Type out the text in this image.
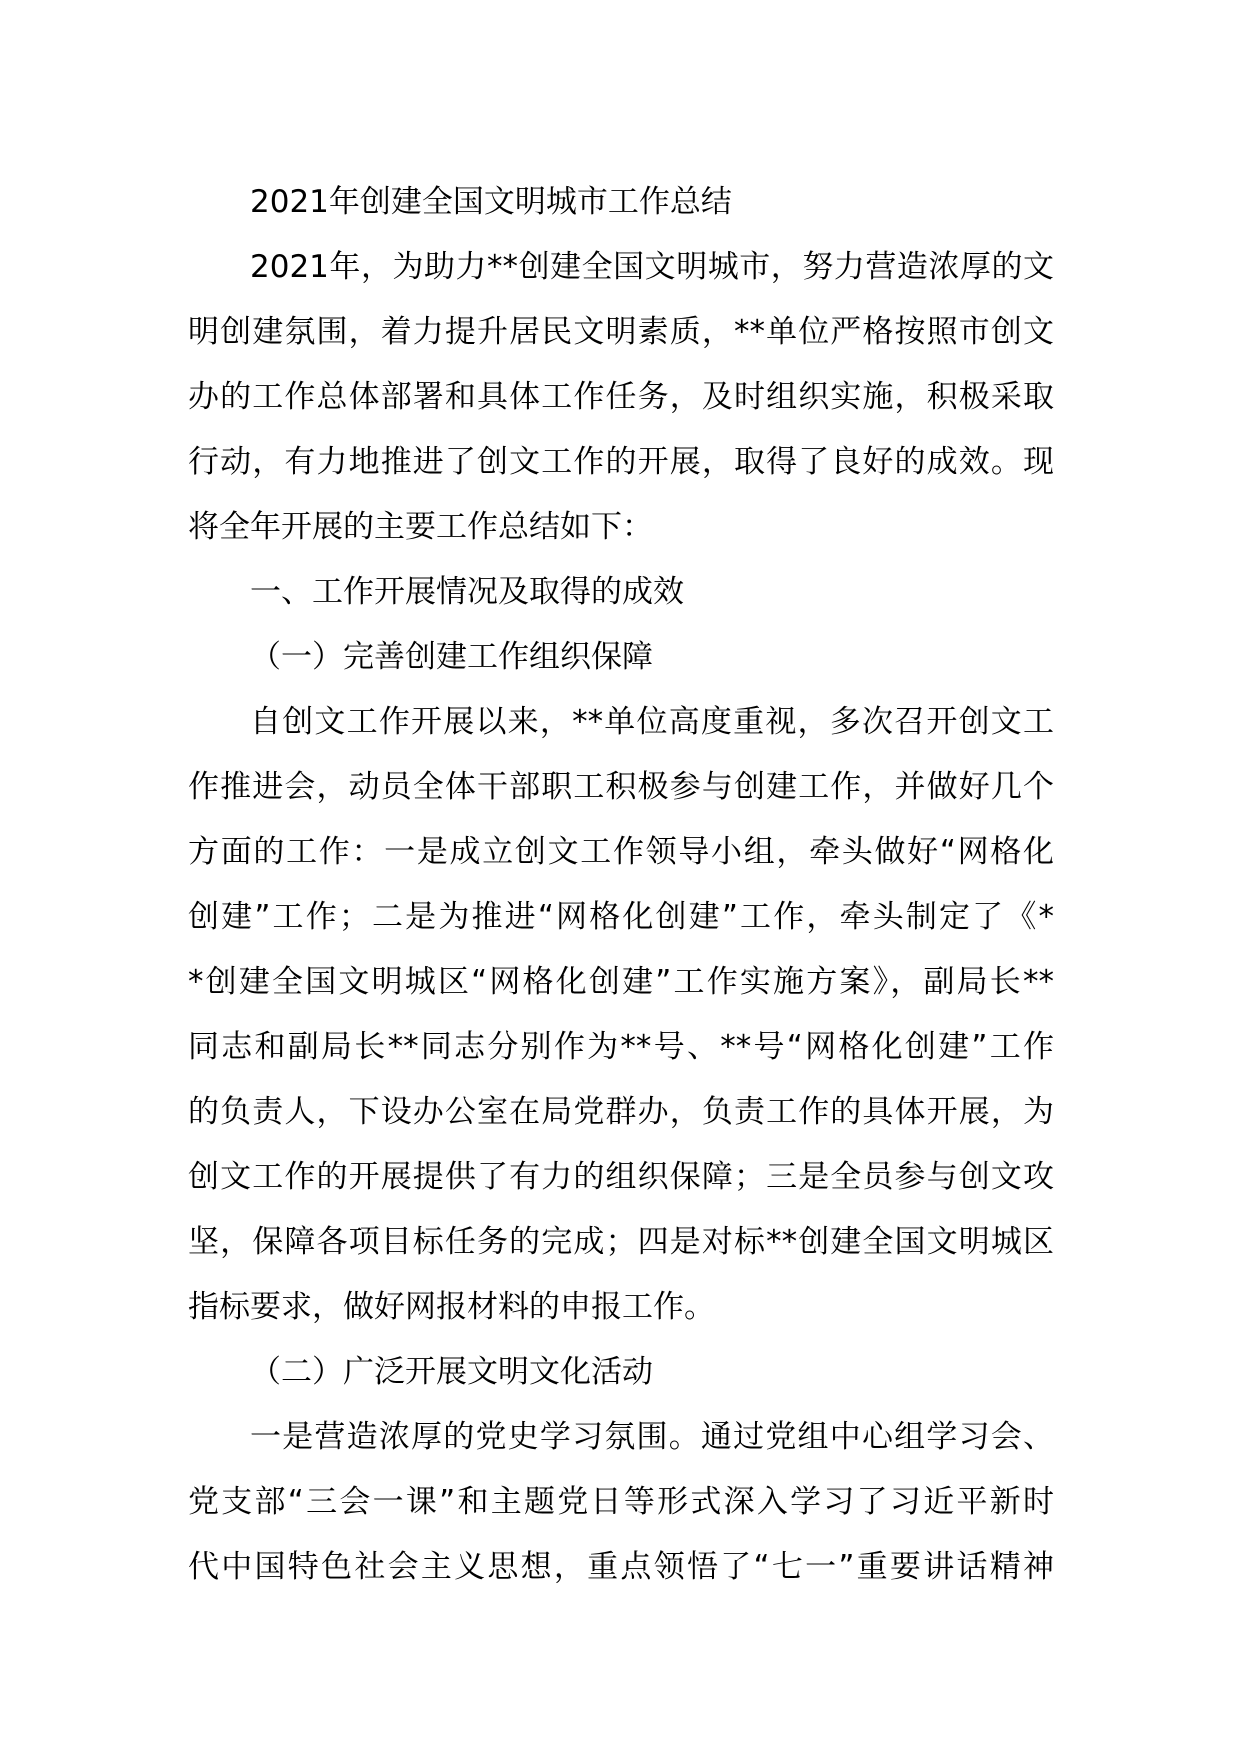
2021年创建全国文明城市工作总结
2021年，为助力**创建全国文明城市，努力营造浓厚的文
明创建氛围，着力提升居民文明素质，**单位严格按照市创文
办的工作总体部署和具体工作任务，及时组织实施，积极采取
行动，有力地推进了创文工作的开展，取得了良好的成效。现
将全年开展的主要工作总结如下：
一、工作开展情况及取得的成效
（一）完善创建工作组织保障
自创文工作开展以来，**单位高度重视，多次召开创文工
作推进会，动员全体干部职工积极参与创建工作，并做好几个
方面的工作：一是成立创文工作领导小组，牵头做好“网格化
创建”工作；二是为推进“网格化创建”工作，牵头制定了《*
*创建全国文明城区“网格化创建”工作实施方案》，副局长**
同志和副局长**同志分别作为**号、**号“网格化创建”工作
的负责人，下设办公室在局党群办，负责工作的具体开展，为
创文工作的开展提供了有力的组织保障；三是全员参与创文攻
坚，保障各项目标任务的完成；四是对标**创建全国文明城区
指标要求，做好网报材料的申报工作。
（二）广泛开展文明文化活动
一是营造浓厚的党史学习氛围。通过党组中心组学习会、
党支部“三会一课”和主题党日等形式深入学习了习近平新时
代中国特色社会主义思想，重点领悟了“七一”重要讲话精神
